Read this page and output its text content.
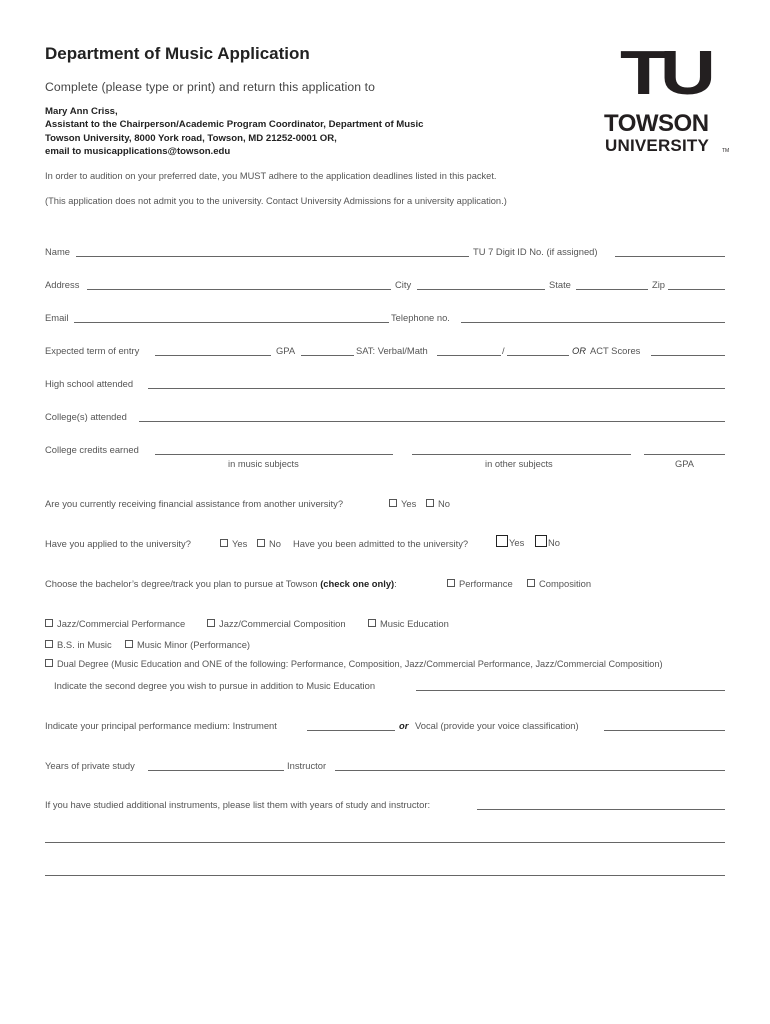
Department of Music Application
Complete (please type or print) and return this application to
Mary Ann Criss,
Assistant to the Chairperson/Academic Program Coordinator, Department of Music
Towson University, 8000 York road, Towson, MD 21252-0001 OR,
email to musicapplications@towson.edu
In order to audition on your preferred date, you MUST adhere to the application deadlines listed in this packet.
(This application does not admit you to the university. Contact University Admissions for a university application.)
TU
TOWSON
UNIVERSITY	TM
Name	TU 7 Digit ID No. (if assigned)
Address	City	State	Zip
Email	Telephone no.
Expected term of entry	GPA	SAT: Verbal/Math	/	OR ACT Scores
High school attended
College(s) attended
College credits earned
in music subjects	in other subjects	GPA
Are you currently receiving financial assistance from another university?	Yes	No
Have you applied to the university?	Yes	No Have you been admitted to the university?	Yes	No
Choose the bachelor’s degree/track you plan to pursue at Towson (check one only):	Performance	Composition
Jazz/Commercial Performance	Jazz/Commercial Composition	Music Education
B.S. in Music	Music Minor (Performance)
Dual Degree (Music Education and ONE of the following: Performance, Composition, Jazz/Commercial Performance, Jazz/Commercial Composition)
Indicate the second degree you wish to pursue in addition to Music Education
Indicate your principal performance medium: Instrument	or Vocal (provide your voice classification)
Years of private study	Instructor
If you have studied additional instruments, please list them with years of study and instructor:
